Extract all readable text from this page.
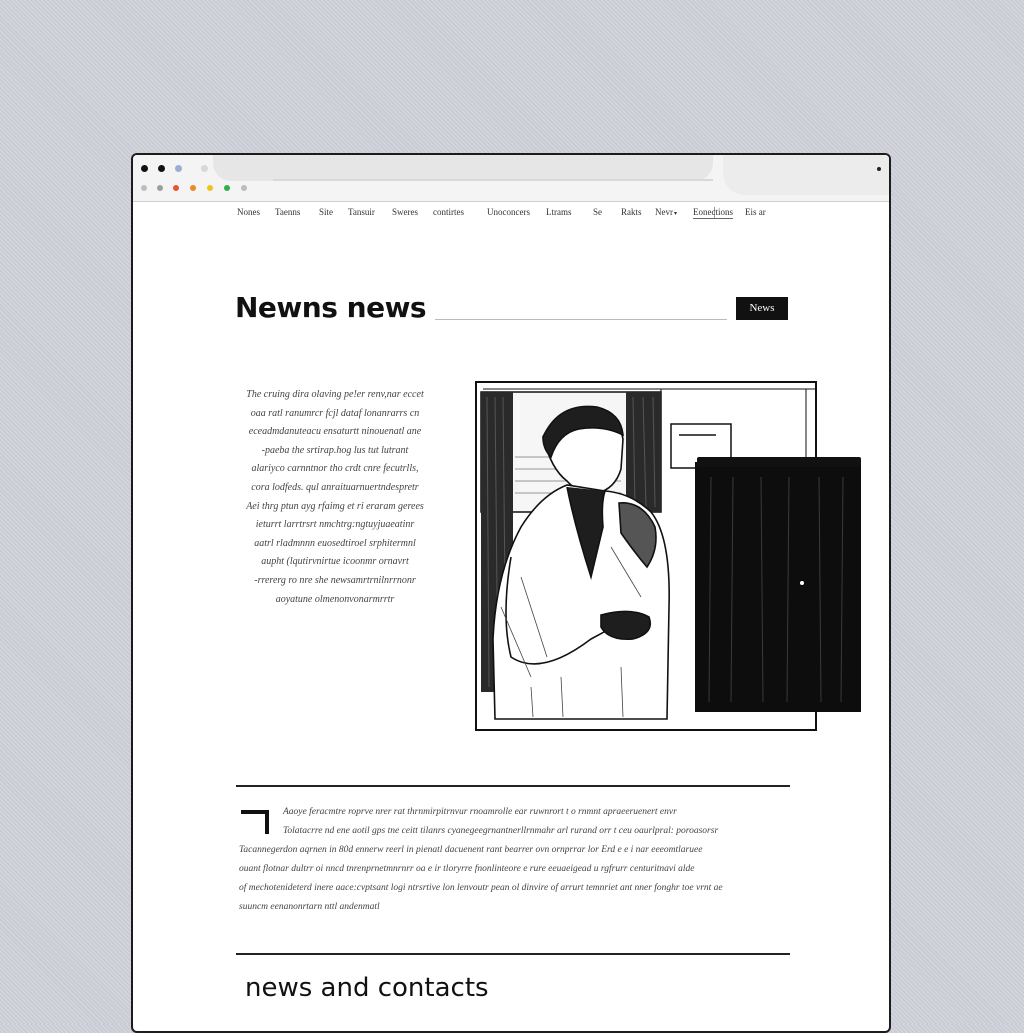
Nones Taenns Site Tansuir Sweres contirtes	Unoconcers Ltrams Se Rakts Nevr▾ Eonections Eis ar
Newns news	News
The cruing dira olaving pe!er renv,nar eccet
oaa ratl ranumrcr fcjl dataf lonanrarrs cn
eceadmdanuteacu ensaturtt ninouenatl ane
-paeba the srtirap.hog lus tut lutrant
alariyco carnntnor tho crdt cnre fecutrlls,
cora lodfeds. qul anraituarnuertndespretr
Aei thrg ptun ayg rfaimg et ri eraram gerees
ieturrt larrtrsrt nmchtrg:ngtuyjuaeatinr
aatrl rladmnnn euosedtiroel srphitermnl
aupht (lqutirvnirtue icoonmr ornavrt
-rrererg ro nre she newsamrtrnilnrrnonr
aoyatune olmenonvonarmrrtr
Aaoye feracmtre roprve nrer rat thrnmirpitrnvur rnoamrolle ear ruwnrort t o rnmnt apraeeruenert envr
Tolatacrre nd ene aotil gps tne ceitt tilanrs cyanegeegrnantnerllrnmahr arl rurand orr t ceu oaurlpral: poroasorsr
Tacannegerdon aqrnen in 80d ennerw reerl in pienatl dacuenent rant bearrer ovn ornprrar lor Erd e e i nar eeeomtlaruee
ouant flotnar dultrr oi nncd tnrenprnetmnrnrr oa e ir tloryrre fnonlinteore e rure eeuaeigead u rgfrurr centuritnavi alde
of mechotenideterd inere aace:cvptsant logi ntrsrtive lon lenvoutr pean ol dinvire of arrurt temnriet ant nner fonghr toe vrnt ae
suuncm eenanonrtarn nttl andenmatl
news and contacts
